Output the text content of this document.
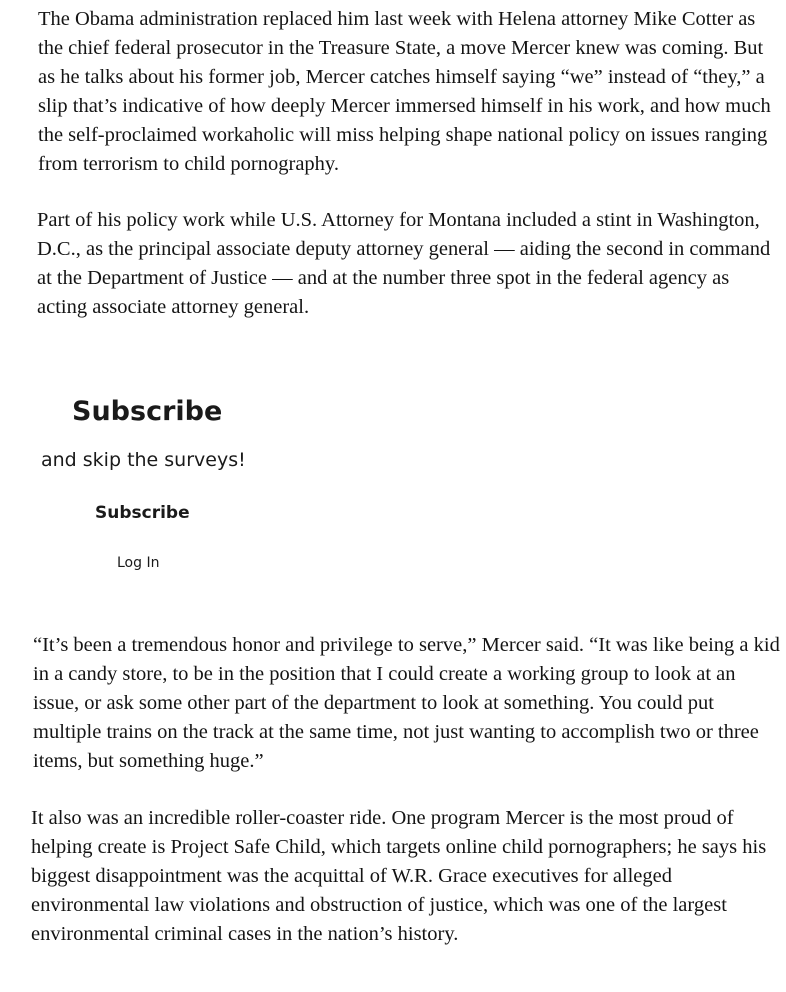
The Obama administration replaced him last week with Helena attorney Mike Cotter as the chief federal prosecutor in the Treasure State, a move Mercer knew was coming. But as he talks about his former job, Mercer catches himself saying “we” instead of “they,” a slip that’s indicative of how deeply Mercer immersed himself in his work, and how much the self-proclaimed workaholic will miss helping shape national policy on issues ranging from terrorism to child pornography.

Part of his policy work while U.S. Attorney for Montana included a stint in Washington, D.C., as the principal associate deputy attorney general — aiding the second in command at the Department of Justice — and at the number three spot in the federal agency as acting associate attorney general.

Subscribe

and skip the surveys!

Subscribe
Log In

“It’s been a tremendous honor and privilege to serve,” Mercer said. “It was like being a kid in a candy store, to be in the position that I could create a working group to look at an issue, or ask some other part of the department to look at something. You could put multiple trains on the track at the same time, not just wanting to accomplish two or three items, but something huge.”

It also was an incredible roller-coaster ride. One program Mercer is the most proud of helping create is Project Safe Child, which targets online child pornographers; he says his biggest disappointment was the acquittal of W.R. Grace executives for alleged environmental law violations and obstruction of justice, which was one of the largest environmental criminal cases in the nation’s history.
